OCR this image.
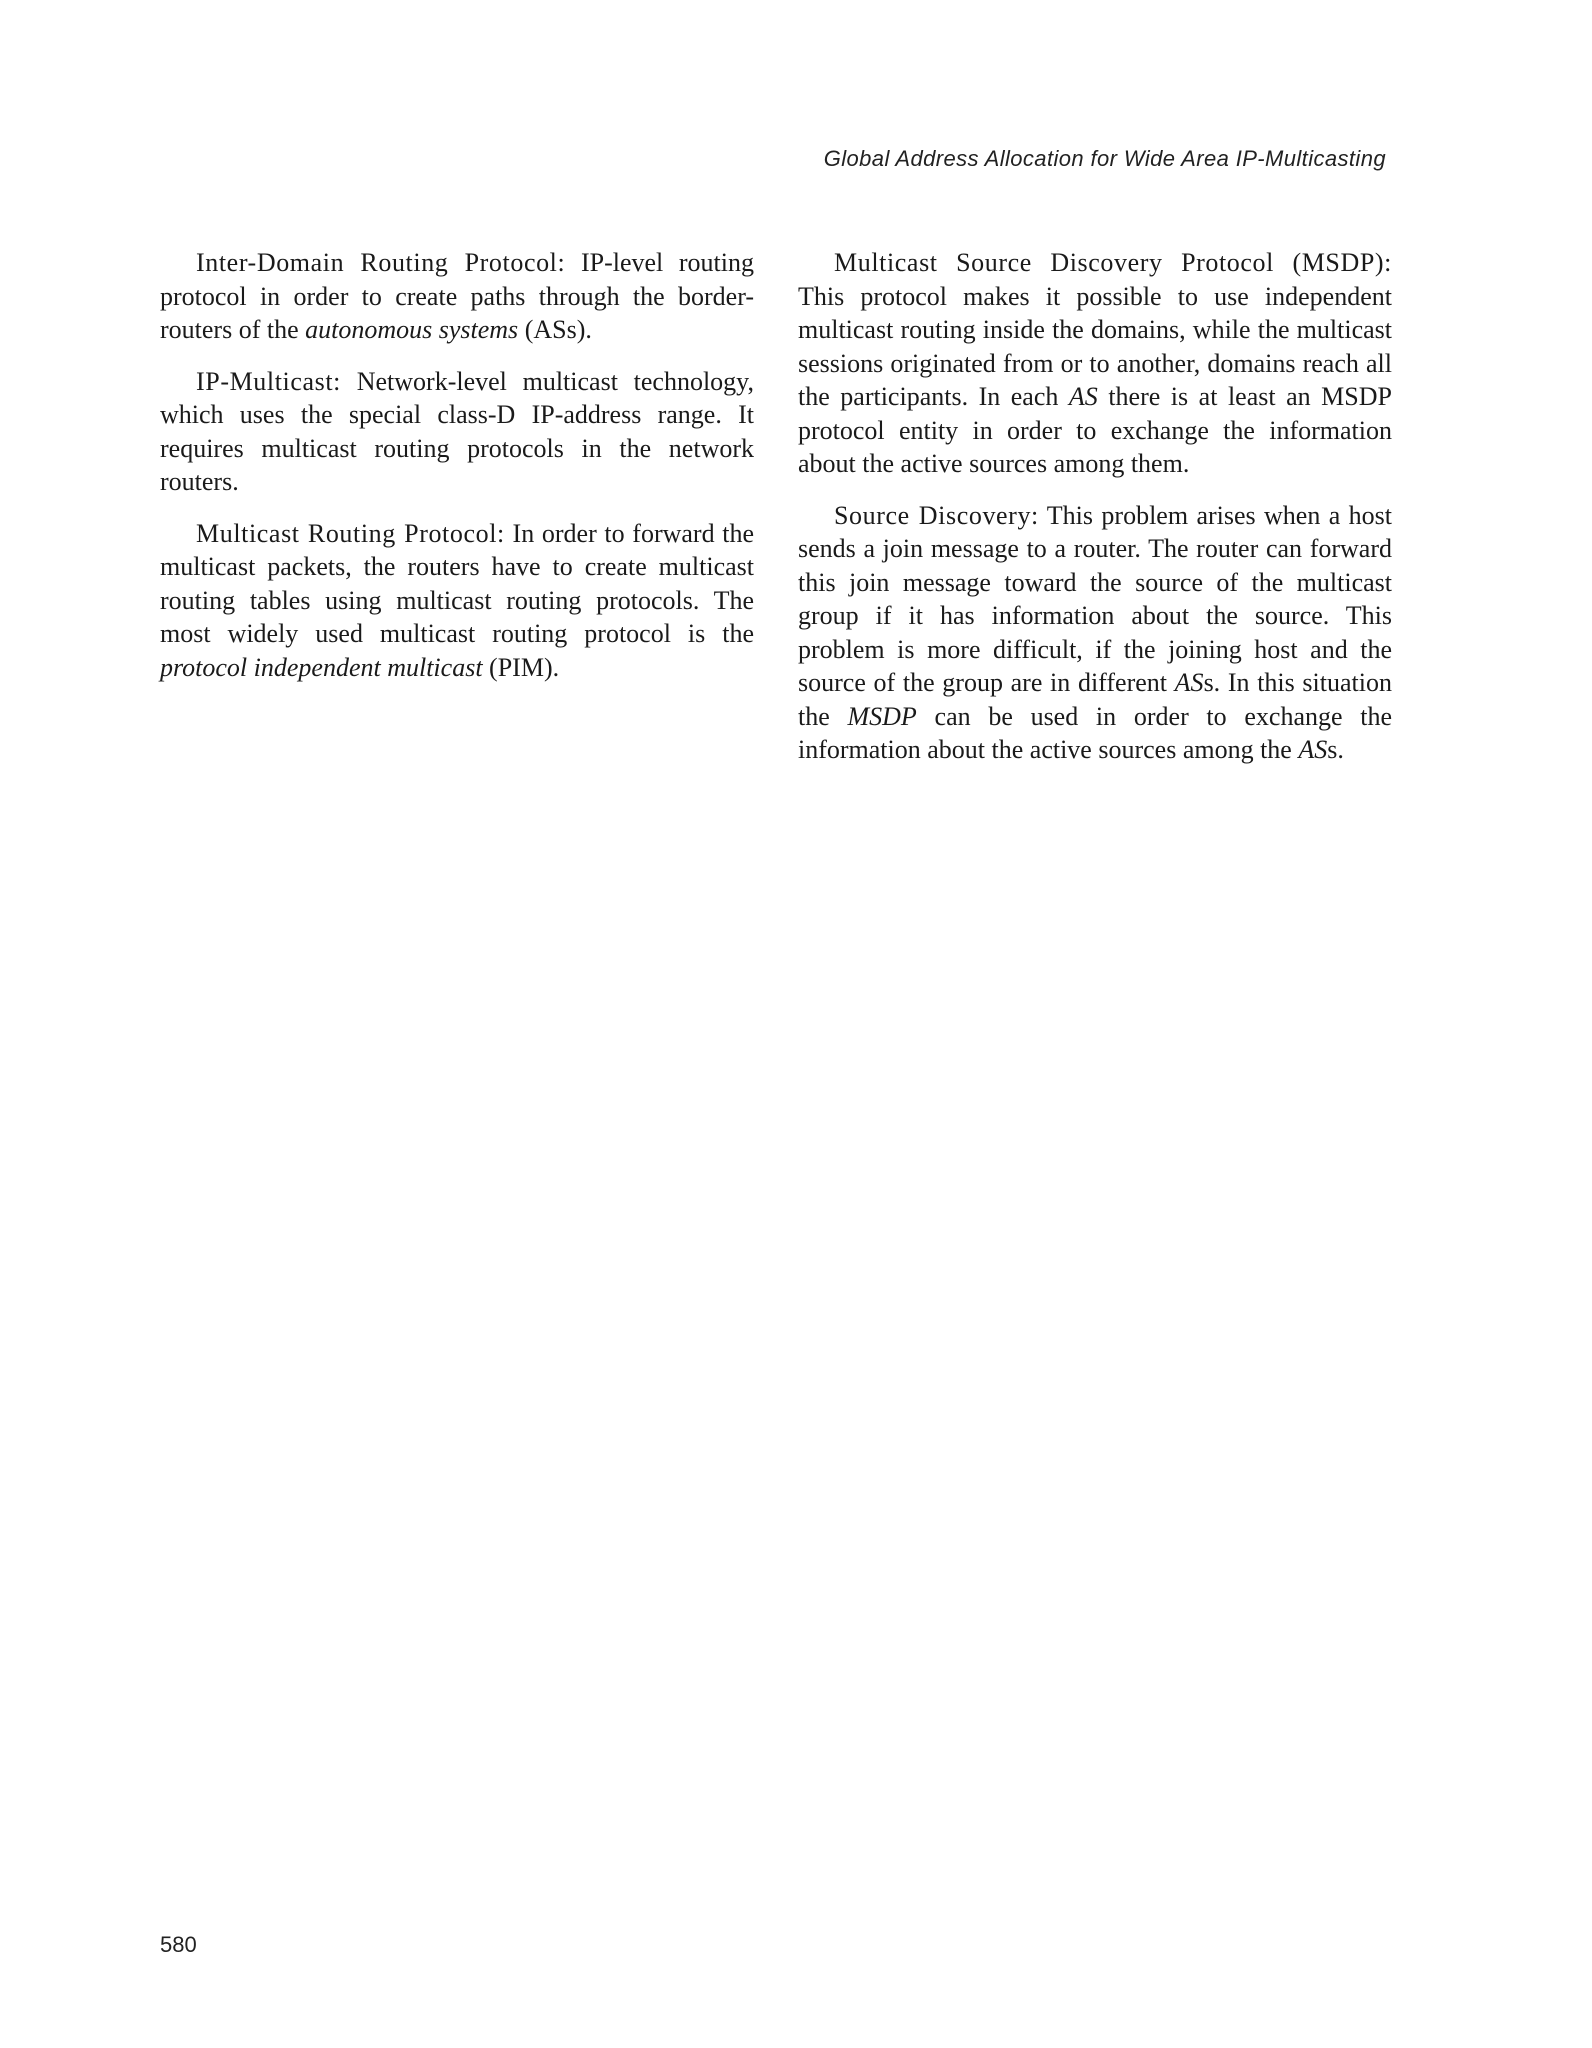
Global Address Allocation for Wide Area IP-Multicasting

Inter-Domain Routing Protocol: IP-level routing protocol in order to create paths through the border-routers of the autonomous systems (ASs).

IP-Multicast: Network-level multicast technology, which uses the special class-D IP-address range. It requires multicast routing protocols in the network routers.

Multicast Routing Protocol: In order to forward the multicast packets, the routers have to create multicast routing tables using multicast routing protocols. The most widely used multicast routing protocol is the protocol independent multicast (PIM).

Multicast Source Discovery Protocol (MSDP): This protocol makes it possible to use independent multicast routing inside the domains, while the multicast sessions originated from or to another, domains reach all the participants. In each AS there is at least an MSDP protocol entity in order to exchange the information about the active sources among them.

Source Discovery: This problem arises when a host sends a join message to a router. The router can forward this join message toward the source of the multicast group if it has information about the source. This problem is more difficult, if the joining host and the source of the group are in different ASs. In this situation the MSDP can be used in order to exchange the information about the active sources among the ASs.

580
